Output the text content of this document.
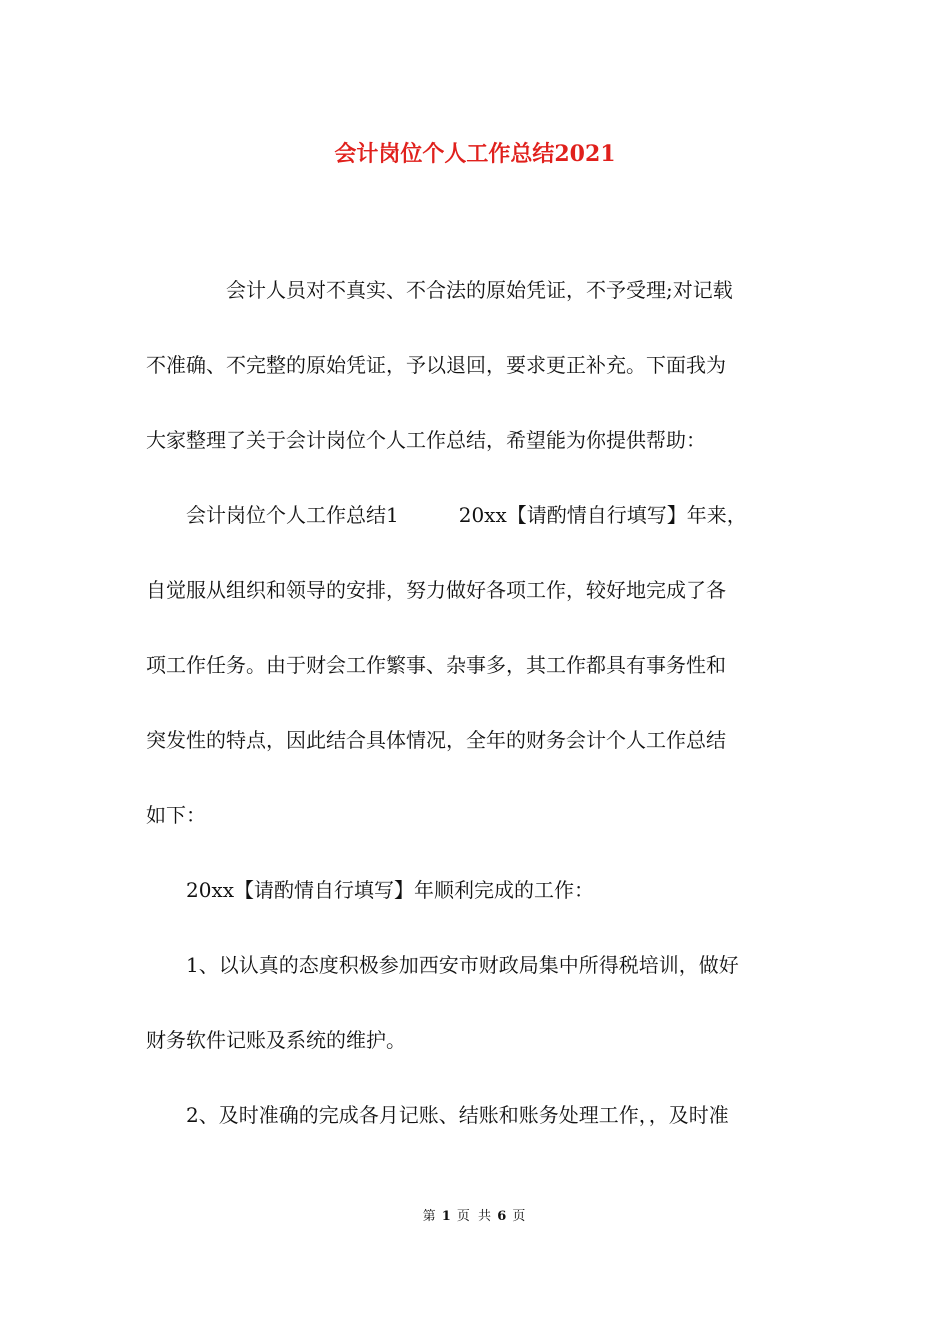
会计岗位个人工作总结2021
　　　　会计人员对不真实、不合法的原始凭证，不予受理;对记载
不准确、不完整的原始凭证，予以退回，要求更正补充。下面我为
大家整理了关于会计岗位个人工作总结，希望能为你提供帮助：
　　会计岗位个人工作总结1　　　20xx【请酌情自行填写】年来，
自觉服从组织和领导的安排，努力做好各项工作，较好地完成了各
项工作任务。由于财会工作繁事、杂事多，其工作都具有事务性和
突发性的特点，因此结合具体情况，全年的财务会计个人工作总结
如下：
　　20xx【请酌情自行填写】年顺利完成的工作：
　　1、以认真的态度积极参加西安市财政局集中所得税培训，做好
财务软件记账及系统的维护。
　　2、及时准确的完成各月记账、结账和账务处理工作，，及时准
第 1 页 共 6 页
